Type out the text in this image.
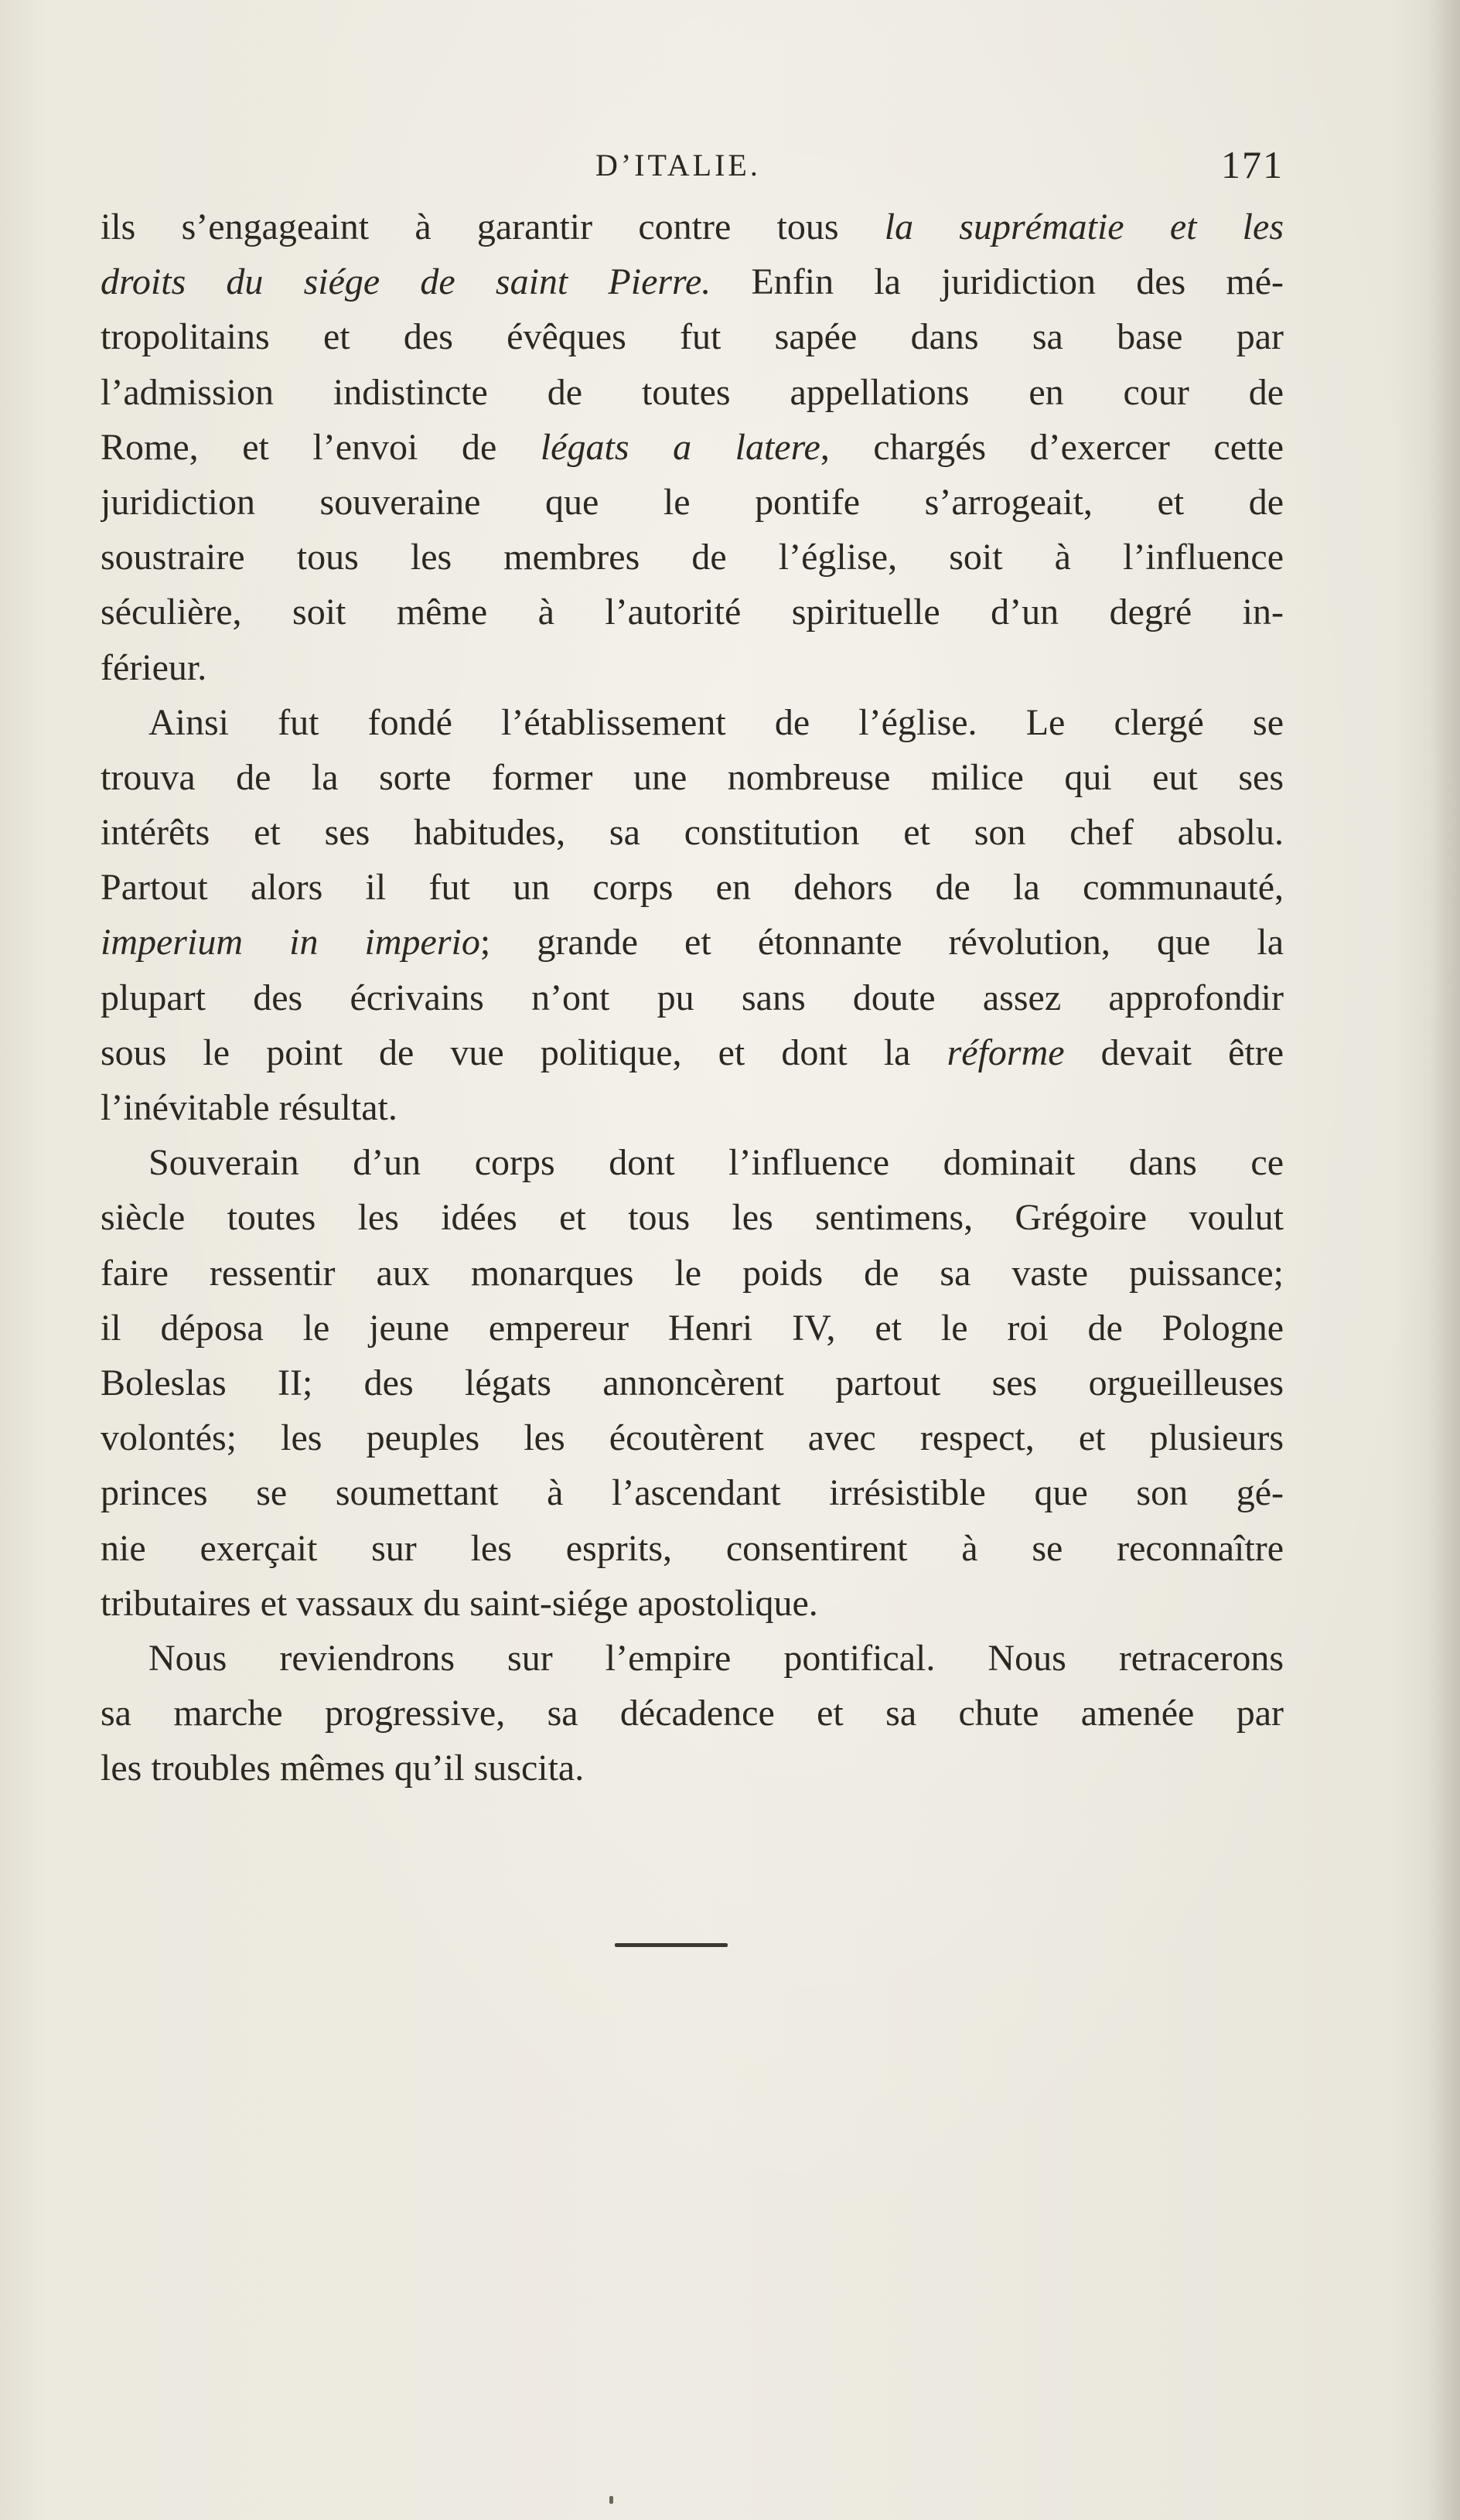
D’ITALIE.	171
ils s’engageaint à garantir contre tous la suprématie et les
droits du siége de saint Pierre. Enfin la juridiction des mé-
tropolitains et des évêques fut sapée dans sa base par
l’admission indistincte de toutes appellations en cour de
Rome, et l’envoi de légats a latere, chargés d’exercer cette
juridiction souveraine que le pontife s’arrogeait, et de
soustraire tous les membres de l’église, soit à l’influence
séculière, soit même à l’autorité spirituelle d’un degré in-
férieur.
Ainsi fut fondé l’établissement de l’église. Le clergé se
trouva de la sorte former une nombreuse milice qui eut ses
intérêts et ses habitudes, sa constitution et son chef absolu.
Partout alors il fut un corps en dehors de la communauté,
imperium in imperio; grande et étonnante révolution, que la
plupart des écrivains n’ont pu sans doute assez approfondir
sous le point de vue politique, et dont la réforme devait être
l’inévitable résultat.
Souverain d’un corps dont l’influence dominait dans ce
siècle toutes les idées et tous les sentimens, Grégoire voulut
faire ressentir aux monarques le poids de sa vaste puissance;
il déposa le jeune empereur Henri IV, et le roi de Pologne
Boleslas II; des légats annoncèrent partout ses orgueilleuses
volontés; les peuples les écoutèrent avec respect, et plusieurs
princes se soumettant à l’ascendant irrésistible que son gé-
nie exerçait sur les esprits, consentirent à se reconnaître
tributaires et vassaux du saint-siége apostolique.
Nous reviendrons sur l’empire pontifical. Nous retracerons
sa marche progressive, sa décadence et sa chute amenée par
les troubles mêmes qu’il suscita.
